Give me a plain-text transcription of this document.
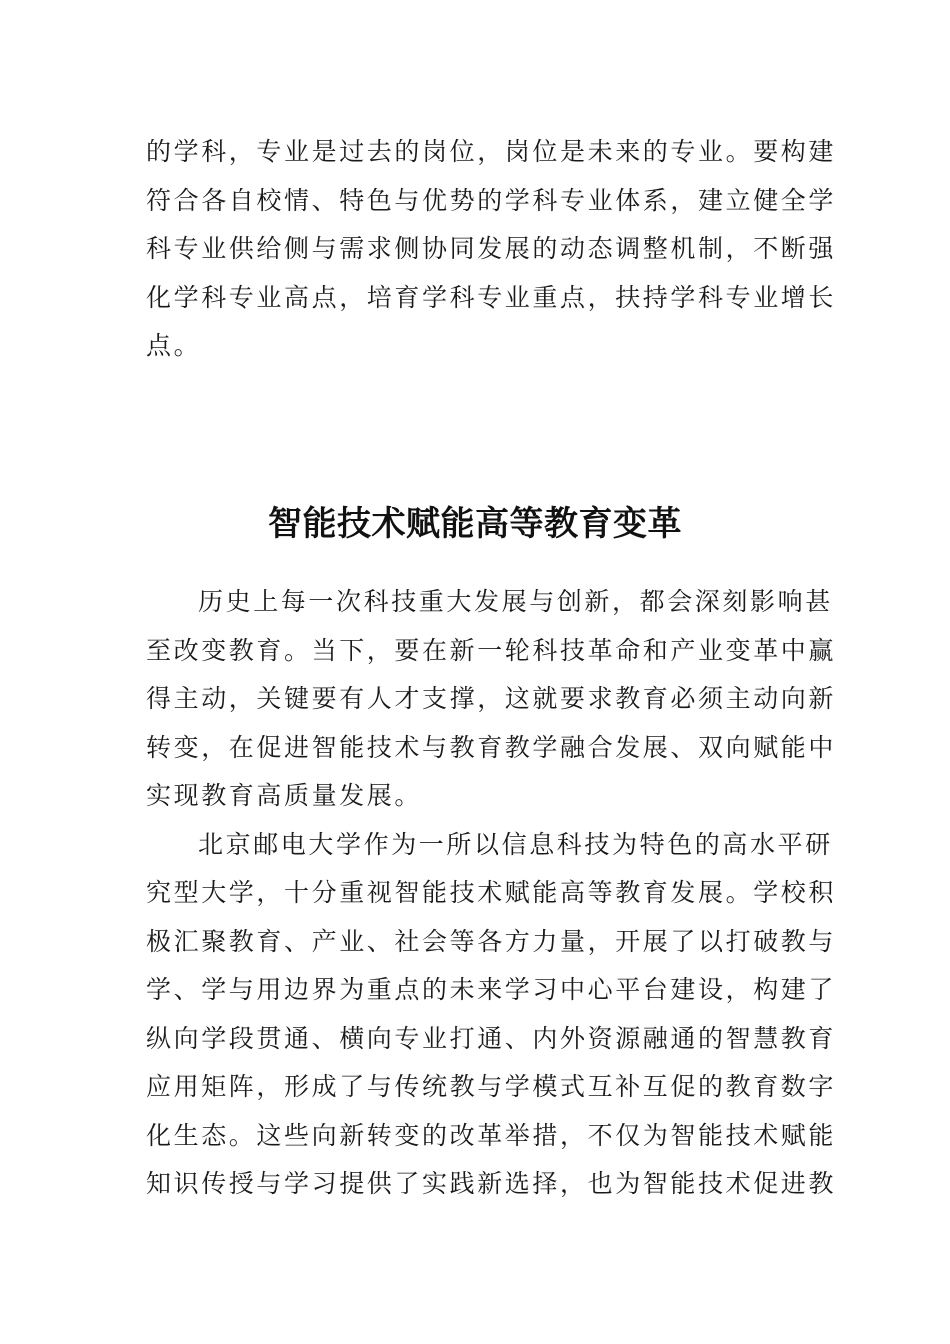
的学科，专业是过去的岗位，岗位是未来的专业。要构建
符合各自校情、特色与优势的学科专业体系，建立健全学
科专业供给侧与需求侧协同发展的动态调整机制，不断强
化学科专业高点，培育学科专业重点，扶持学科专业增长
点。
智能技术赋能高等教育变革
历史上每一次科技重大发展与创新，都会深刻影响甚
至改变教育。当下，要在新一轮科技革命和产业变革中赢
得主动，关键要有人才支撑，这就要求教育必须主动向新
转变，在促进智能技术与教育教学融合发展、双向赋能中
实现教育高质量发展。
北京邮电大学作为一所以信息科技为特色的高水平研
究型大学，十分重视智能技术赋能高等教育发展。学校积
极汇聚教育、产业、社会等各方力量，开展了以打破教与
学、学与用边界为重点的未来学习中心平台建设，构建了
纵向学段贯通、横向专业打通、内外资源融通的智慧教育
应用矩阵，形成了与传统教与学模式互补互促的教育数字
化生态。这些向新转变的改革举措，不仅为智能技术赋能
知识传授与学习提供了实践新选择，也为智能技术促进教
